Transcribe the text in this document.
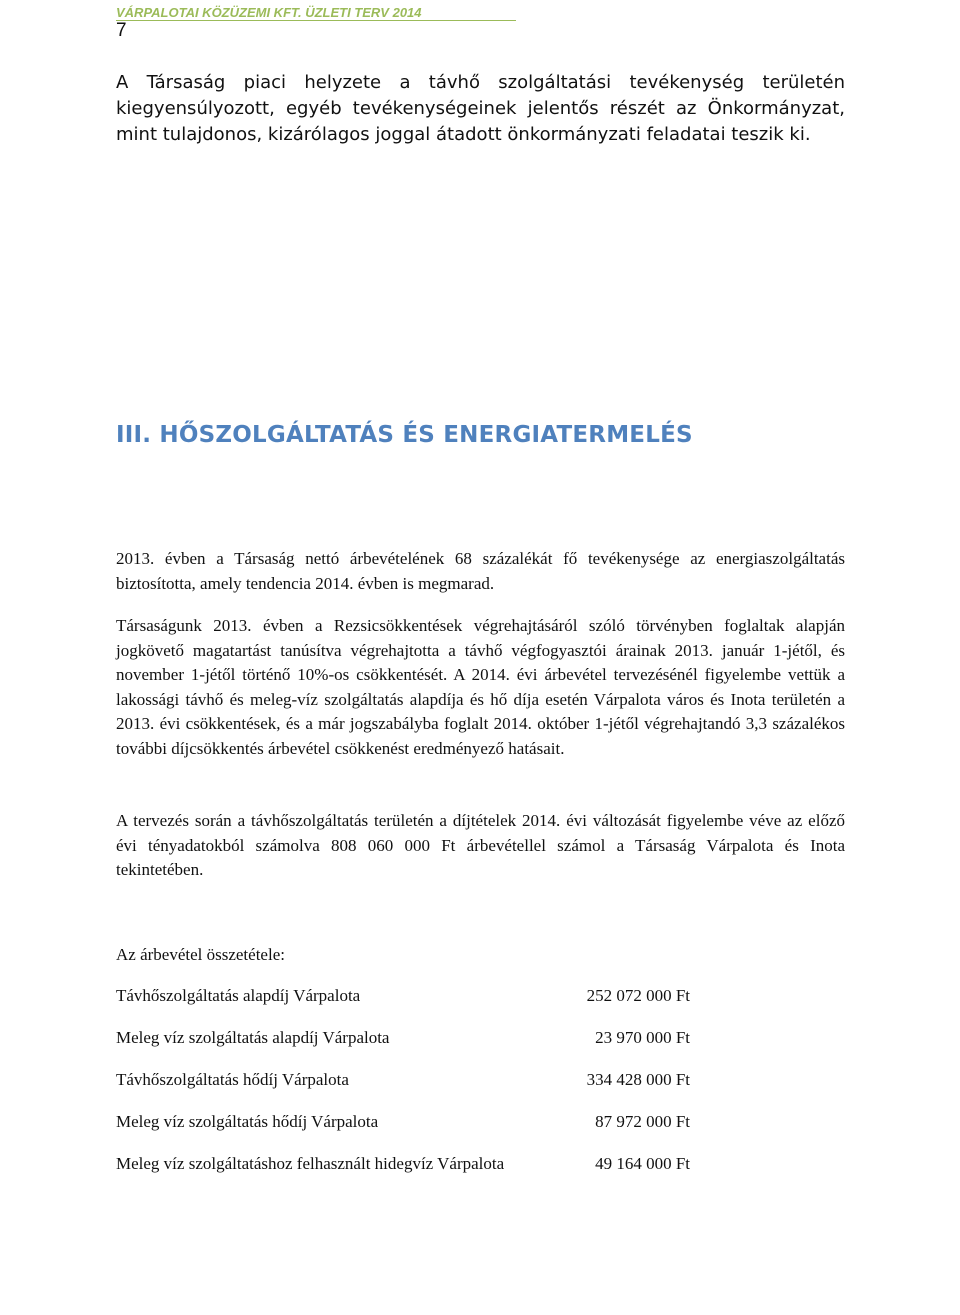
VÁRPALOTAI KÖZÜZEMI KFT. ÜZLETI TERV 2014
7

A Társaság piaci helyzete a távhő szolgáltatási tevékenység területén kiegyensúlyozott, egyéb tevékenységeinek jelentős részét az Önkormányzat, mint tulajdonos, kizárólagos joggal átadott önkormányzati feladatai teszik ki.

III. HŐSZOLGÁLTATÁS ÉS ENERGIATERMELÉS

2013. évben a Társaság nettó árbevételének 68 százalékát fő tevékenysége az energiaszolgáltatás biztosította, amely tendencia 2014. évben is megmarad.

Társaságunk 2013. évben a Rezsicsökkentések végrehajtásáról szóló törvényben foglaltak alapján jogkövető magatartást tanúsítva végrehajtotta a távhő végfogyasztói árainak 2013. január 1-jétől, és november 1-jétől történő 10%-os csökkentését. A 2014. évi árbevétel tervezésénél figyelembe vettük a lakossági távhő és meleg-víz szolgáltatás alapdíja és hő díja esetén Várpalota város és Inota területén a 2013. évi csökkentések, és a már jogszabályba foglalt 2014. október 1-jétől végrehajtandó 3,3 százalékos további díjcsökkentés árbevétel csökkenést eredményező hatásait.

A tervezés során a távhőszolgáltatás területén a díjtételek 2014. évi változását figyelembe véve az előző évi tényadatokból számolva 808 060 000 Ft árbevétellel számol a Társaság Várpalota és Inota tekintetében.

Az árbevétel összetétele:

Távhőszolgáltatás alapdíj Várpalota	252 072 000 Ft
Meleg víz szolgáltatás alapdíj Várpalota	23 970 000 Ft
Távhőszolgáltatás hődíj Várpalota	334 428 000 Ft
Meleg víz szolgáltatás hődíj Várpalota	87 972 000 Ft
Meleg víz szolgáltatáshoz felhasznált hidegvíz Várpalota	49 164 000 Ft
